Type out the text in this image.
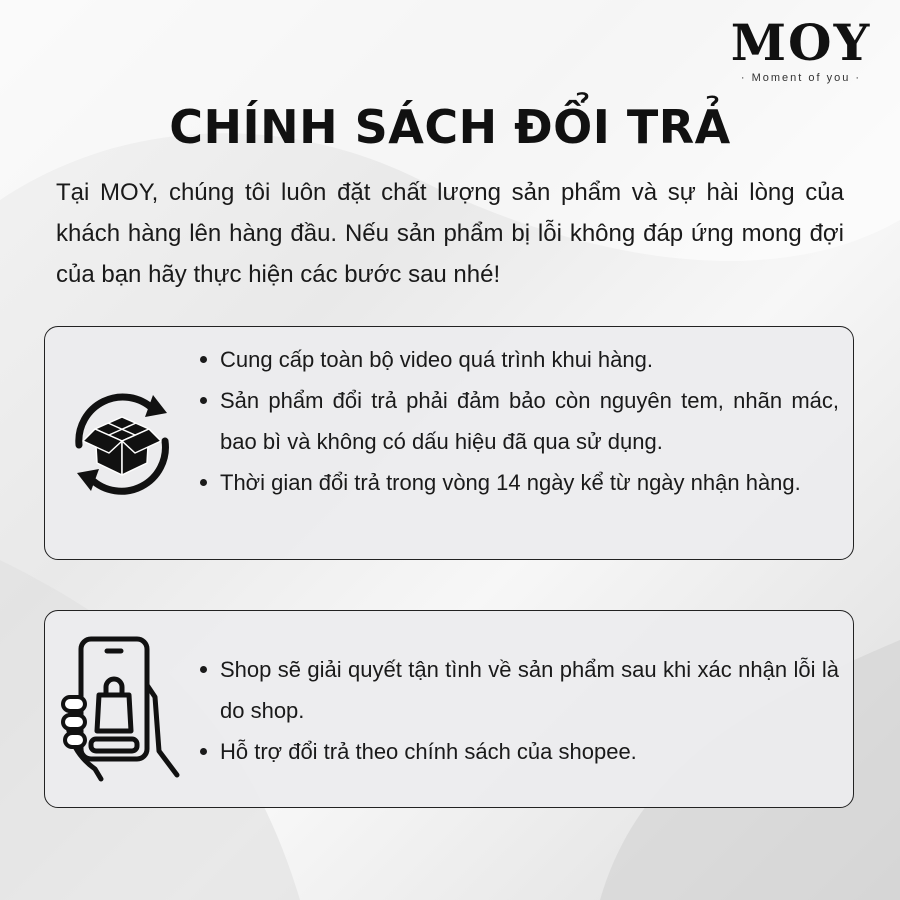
MOY
· Moment of you ·
CHÍNH SÁCH ĐỔI TRẢ

Tại MOY, chúng tôi luôn đặt chất lượng sản phẩm và sự hài lòng của khách hàng lên hàng đầu. Nếu sản phẩm bị lỗi không đáp ứng mong đợi của bạn hãy thực hiện các bước sau nhé!

Cung cấp toàn bộ video quá trình khui hàng.
Sản phẩm đổi trả phải đảm bảo còn nguyên tem, nhãn mác, bao bì và không có dấu hiệu đã qua sử dụng.
Thời gian đổi trả trong vòng 14 ngày kể từ ngày nhận hàng.
Shop sẽ giải quyết tận tình về sản phẩm sau khi xác nhận lỗi là do shop.
Hỗ trợ đổi trả theo chính sách của shopee.
